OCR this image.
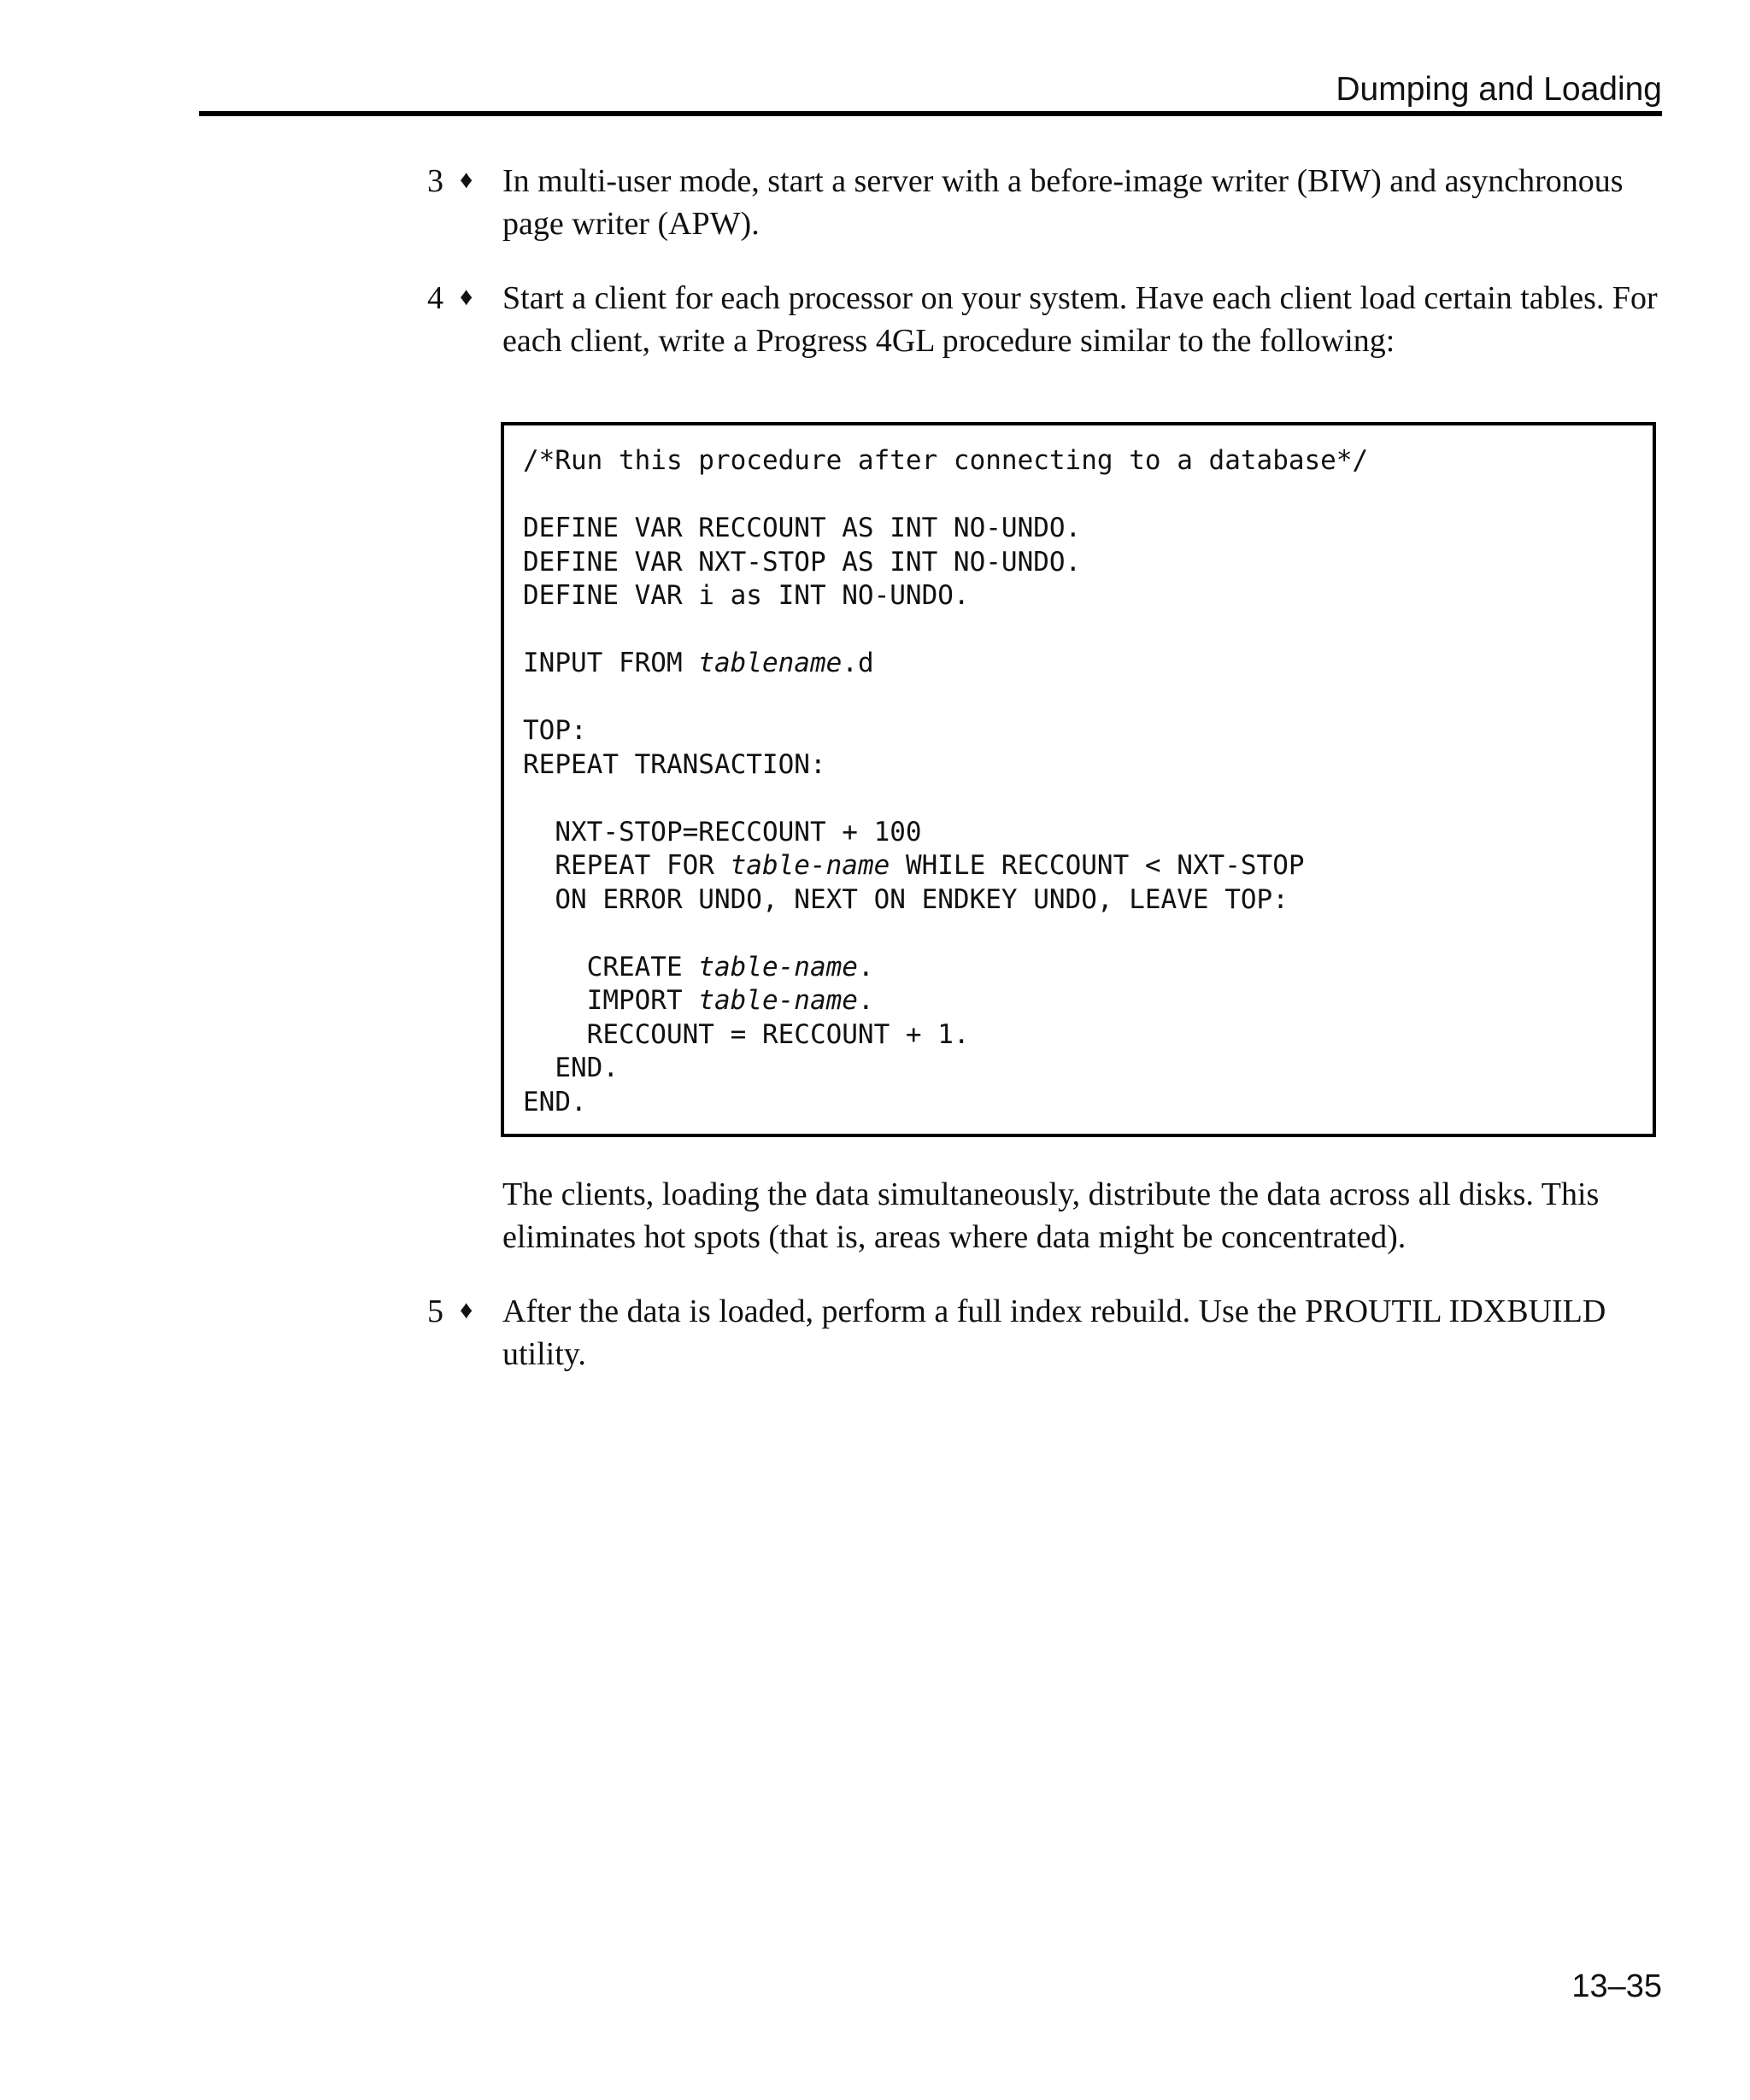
Dumping and Loading
3 ♦ In multi-user mode, start a server with a before-image writer (BIW) and asynchronous page writer (APW).
4 ♦ Start a client for each processor on your system. Have each client load certain tables. For each client, write a Progress 4GL procedure similar to the following:
/*Run this procedure after connecting to a database*/
DEFINE VAR RECCOUNT AS INT NO-UNDO.
DEFINE VAR NXT-STOP AS INT NO-UNDO.
DEFINE VAR i as INT NO-UNDO.
INPUT FROM tablename.d
TOP:
REPEAT TRANSACTION:
NXT-STOP=RECCOUNT + 100
REPEAT FOR table-name WHILE RECCOUNT < NXT-STOP
ON ERROR UNDO, NEXT ON ENDKEY UNDO, LEAVE TOP:
CREATE table-name.
IMPORT table-name.
RECCOUNT = RECCOUNT + 1.
END.
END.
The clients, loading the data simultaneously, distribute the data across all disks. This eliminates hot spots (that is, areas where data might be concentrated).
5 ♦ After the data is loaded, perform a full index rebuild. Use the PROUTIL IDXBUILD utility.
13–35
